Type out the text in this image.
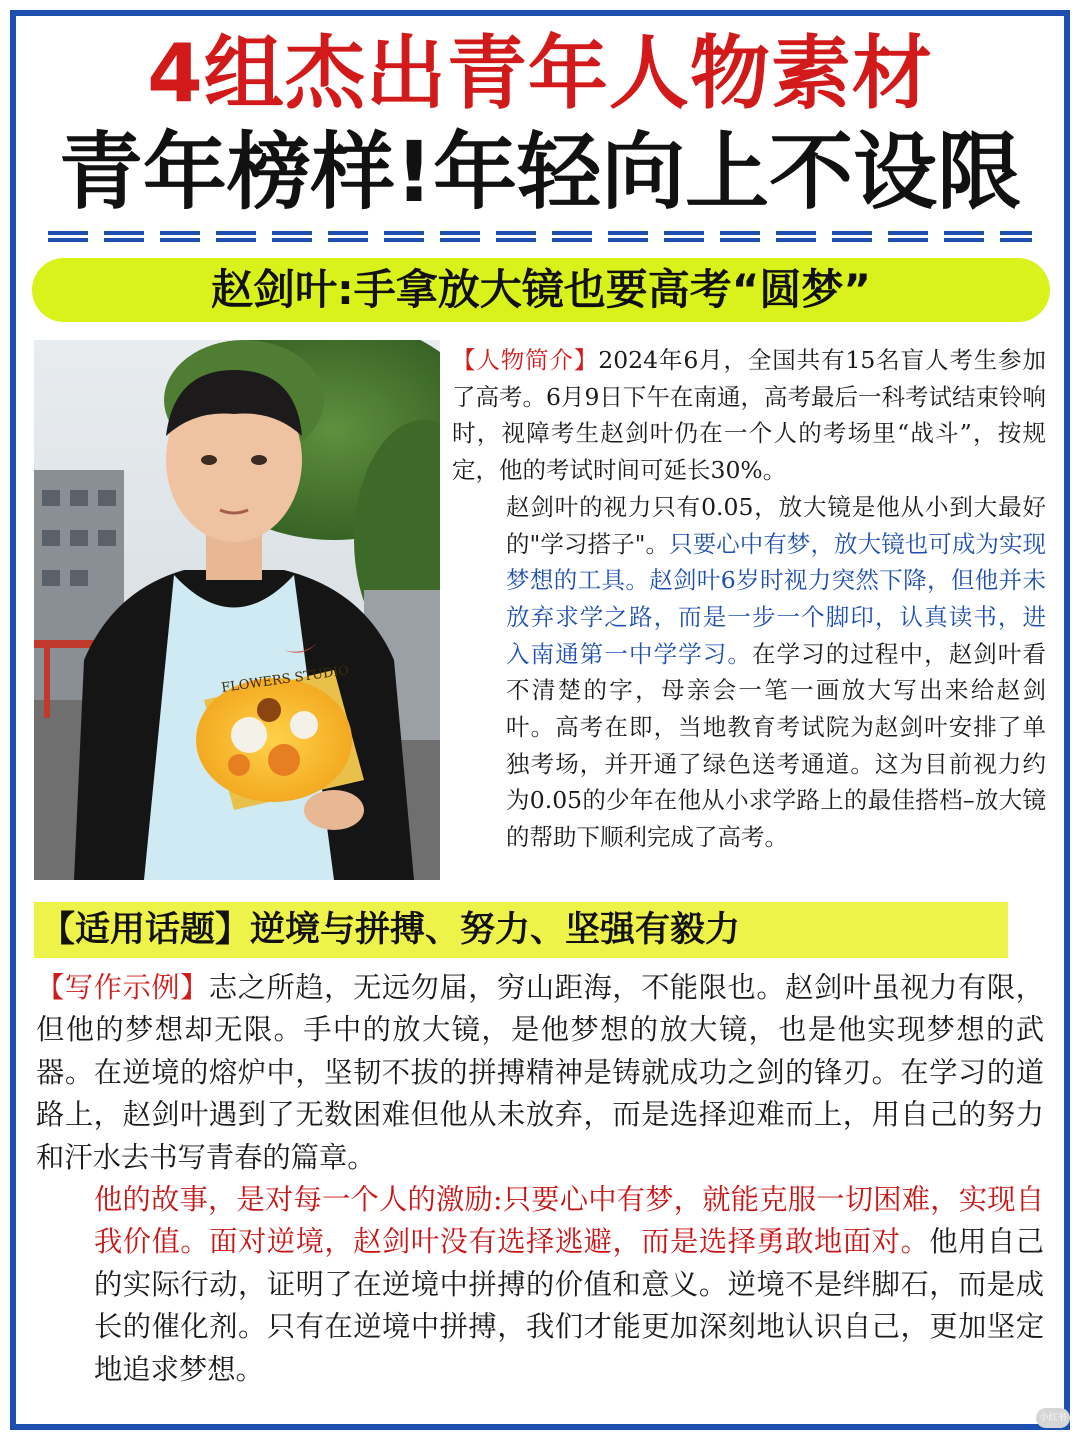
4组杰出青年人物素材
青年榜样!年轻向上不设限
赵剑叶:手拿放大镜也要高考“圆梦”
FLOWERS STUDIO

【人物简介】2024年6月，全国共有15名盲人考生参加了高考。6月9日下午在南通，高考最后一科考试结束铃响时，视障考生赵剑叶仍在一个人的考场里“战斗”，按规定，他的考试时间可延长30%。

赵剑叶的视力只有0.05，放大镜是他从小到大最好的"学习搭子"。只要心中有梦，放大镜也可成为实现梦想的工具。赵剑叶6岁时视力突然下降，但他并未放弃求学之路，而是一步一个脚印，认真读书，进入南通第一中学学习。在学习的过程中，赵剑叶看不清楚的字，母亲会一笔一画放大写出来给赵剑叶。高考在即，当地教育考试院为赵剑叶安排了单独考场，并开通了绿色送考通道。这为目前视力约为0.05的少年在他从小求学路上的最佳搭档–放大镜的帮助下顺利完成了高考。

【适用话题】逆境与拼搏、努力、坚强有毅力

【写作示例】志之所趋，无远勿届，穷山距海，不能限也。赵剑叶虽视力有限，但他的梦想却无限。手中的放大镜，是他梦想的放大镜，也是他实现梦想的武器。在逆境的熔炉中，坚韧不拔的拼搏精神是铸就成功之剑的锋刃。在学习的道路上，赵剑叶遇到了无数困难但他从未放弃，而是选择迎难而上，用自己的努力和汗水去书写青春的篇章。

他的故事，是对每一个人的激励:只要心中有梦，就能克服一切困难，实现自我价值。面对逆境，赵剑叶没有选择逃避，而是选择勇敢地面对。他用自己的实际行动，证明了在逆境中拼搏的价值和意义。逆境不是绊脚石，而是成长的催化剂。只有在逆境中拼搏，我们才能更加深刻地认识自己，更加坚定地追求梦想。

小红书
